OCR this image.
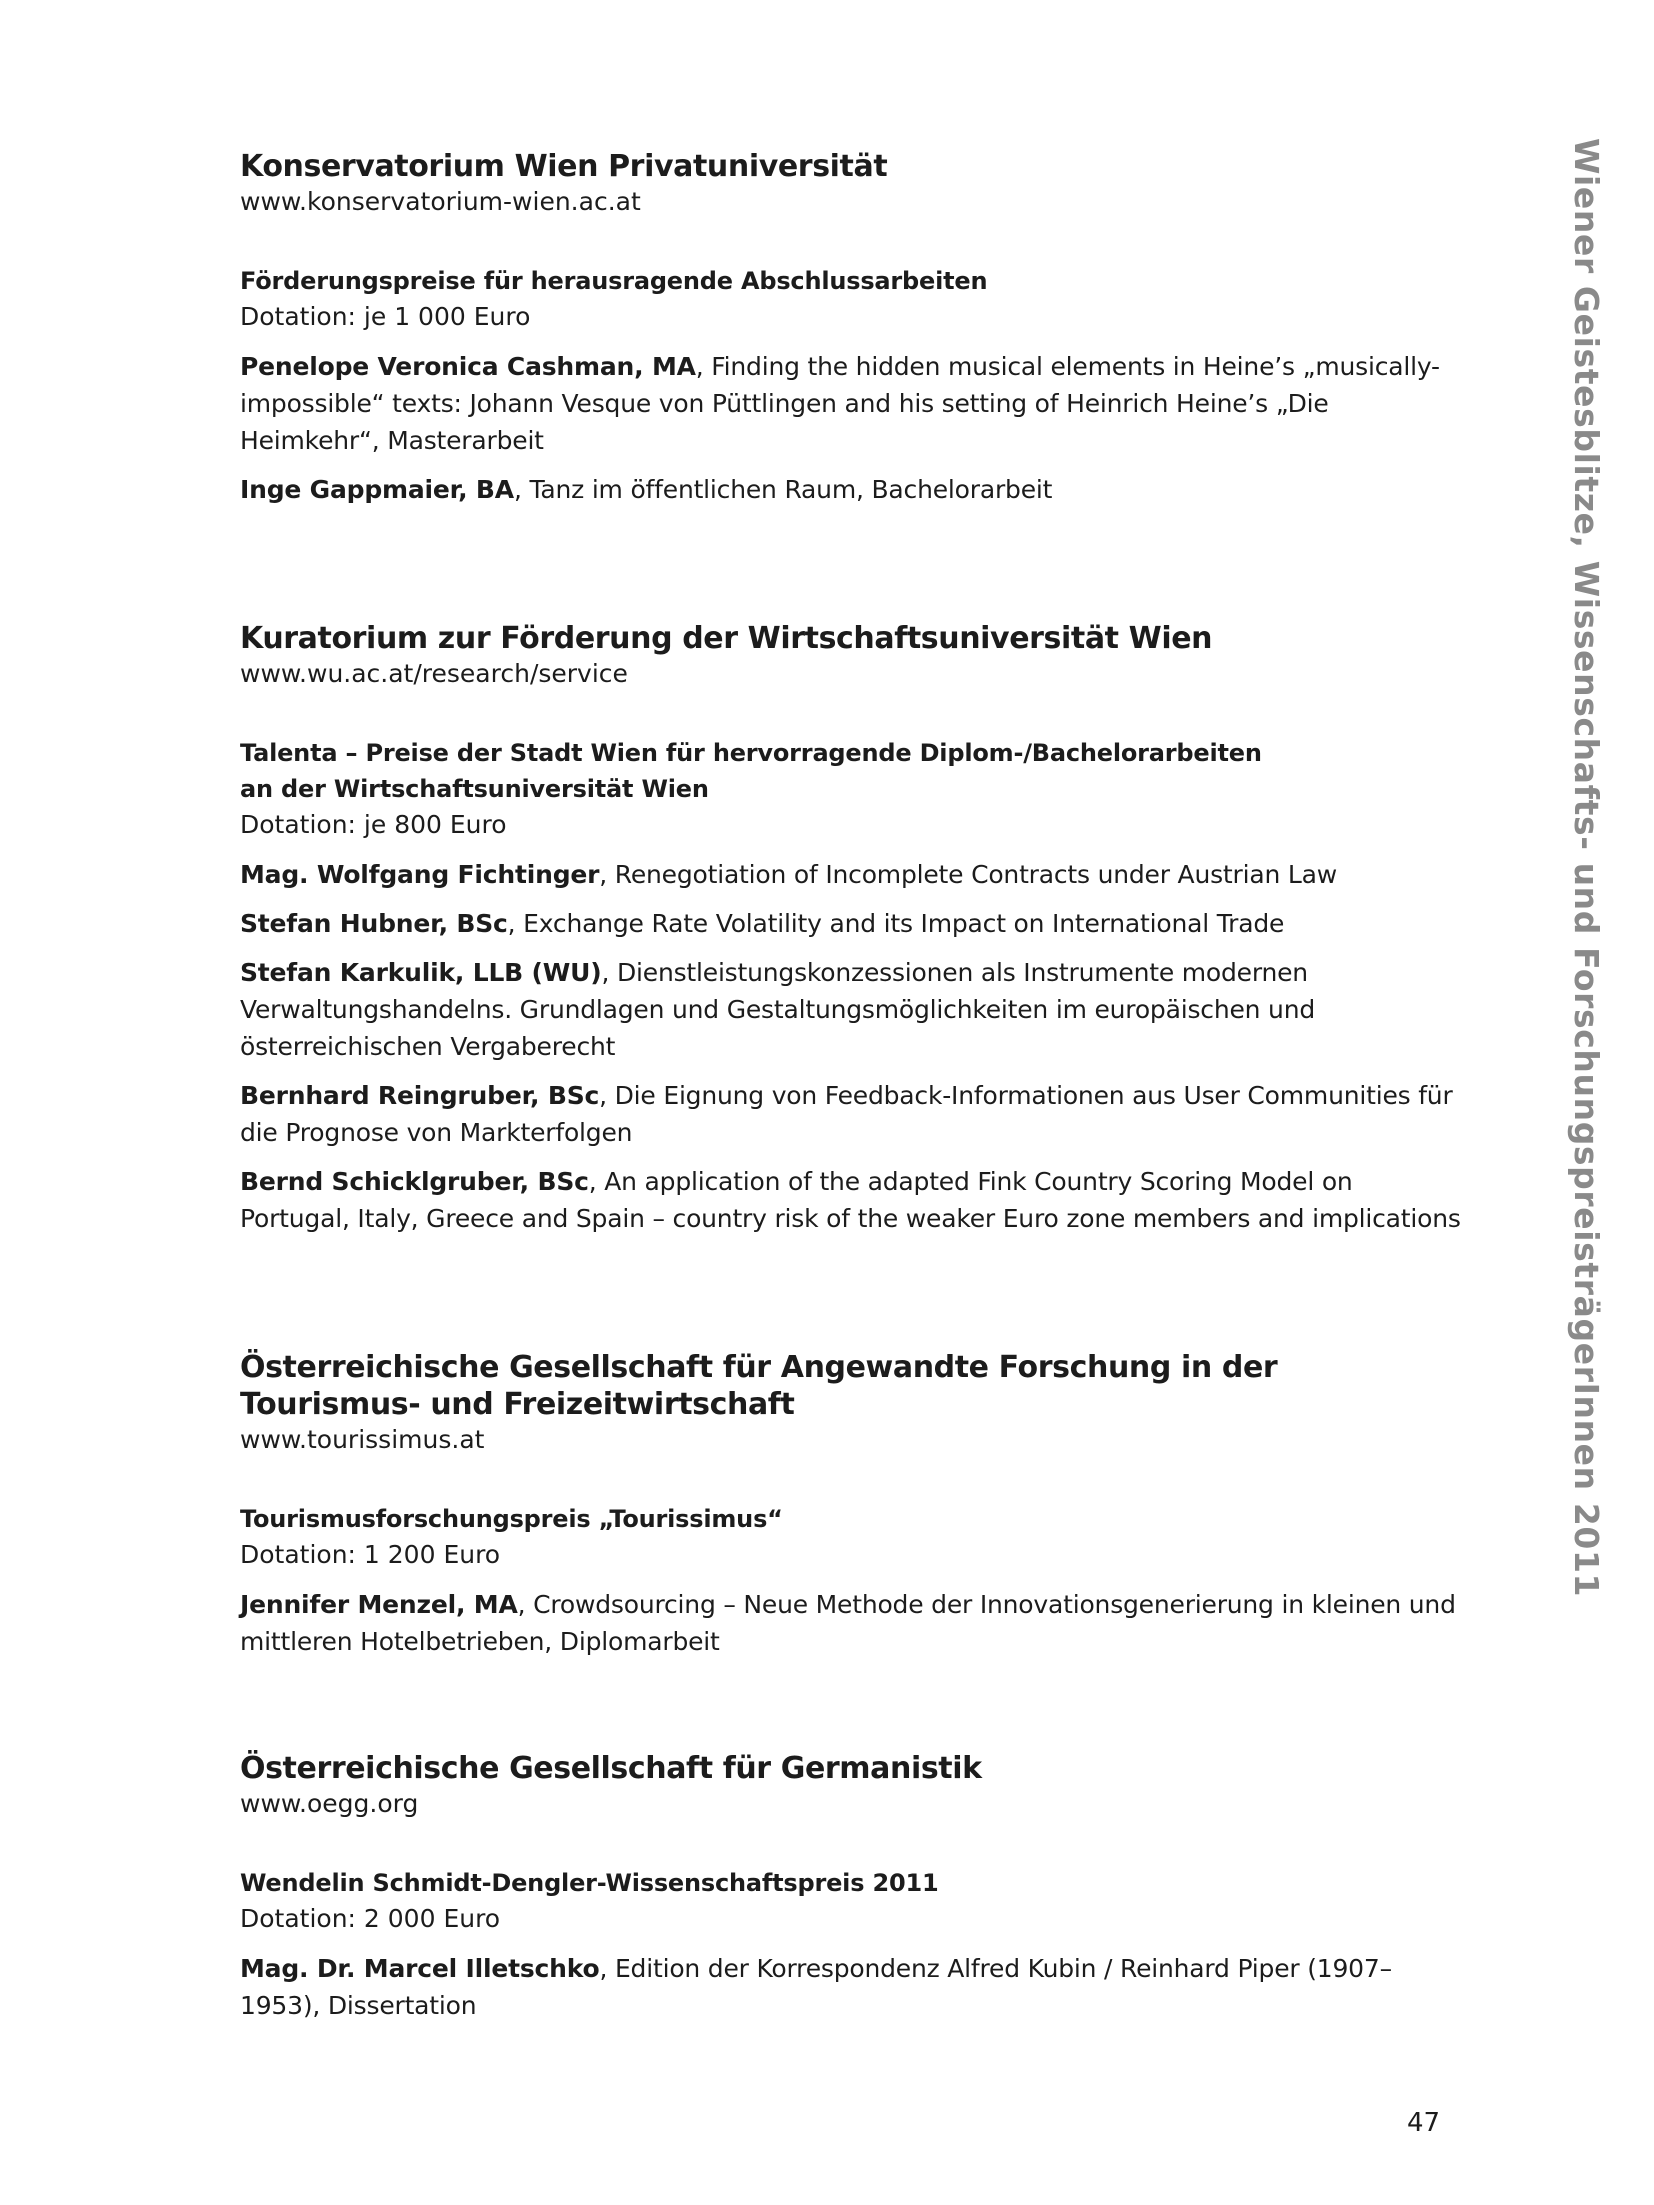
Konservatorium Wien Privatuniversität
www.konservatorium-wien.ac.at
Förderungspreise für herausragende Abschlussarbeiten
Dotation: je 1 000 Euro

Penelope Veronica Cashman, MA, Finding the hidden musical elements in Heine’s „musically-impossible“ texts: Johann Vesque von Püttlingen and his setting of Heinrich Heine’s „Die Heimkehr“, Masterarbeit

Inge Gappmaier, BA, Tanz im öffentlichen Raum, Bachelorarbeit

Kuratorium zur Förderung der Wirtschaftsuniversität Wien
www.wu.ac.at/research/service
Talenta – Preise der Stadt Wien für hervorragende Diplom-/Bachelorarbeiten
an der Wirtschaftsuniversität Wien
Dotation: je 800 Euro

Mag. Wolfgang Fichtinger, Renegotiation of Incomplete Contracts under Austrian Law

Stefan Hubner, BSc, Exchange Rate Volatility and its Impact on International Trade

Stefan Karkulik, LLB (WU), Dienstleistungskonzessionen als Instrumente modernen Verwaltungshandelns. Grundlagen und Gestaltungsmöglichkeiten im europäischen und österreichischen Vergaberecht

Bernhard Reingruber, BSc, Die Eignung von Feedback-Informationen aus User Communities für die Prognose von Markterfolgen

Bernd Schicklgruber, BSc, An application of the adapted Fink Country Scoring Model on Portugal, Italy, Greece and Spain – country risk of the weaker Euro zone members and implications

Österreichische Gesellschaft für Angewandte Forschung in der Tourismus- und Freizeitwirtschaft
www.tourissimus.at
Tourismusforschungspreis „Tourissimus“
Dotation: 1 200 Euro

Jennifer Menzel, MA, Crowdsourcing – Neue Methode der Innovationsgenerierung in kleinen und mittleren Hotelbetrieben, Diplomarbeit

Österreichische Gesellschaft für Germanistik
www.oegg.org
Wendelin Schmidt-Dengler-Wissenschaftspreis 2011
Dotation: 2 000 Euro

Mag. Dr. Marcel Illetschko, Edition der Korrespondenz Alfred Kubin / Reinhard Piper (1907–1953), Dissertation

Wiener Geistesblitze, Wissenschafts- und ForschungspreisträgerInnen 2011
47
